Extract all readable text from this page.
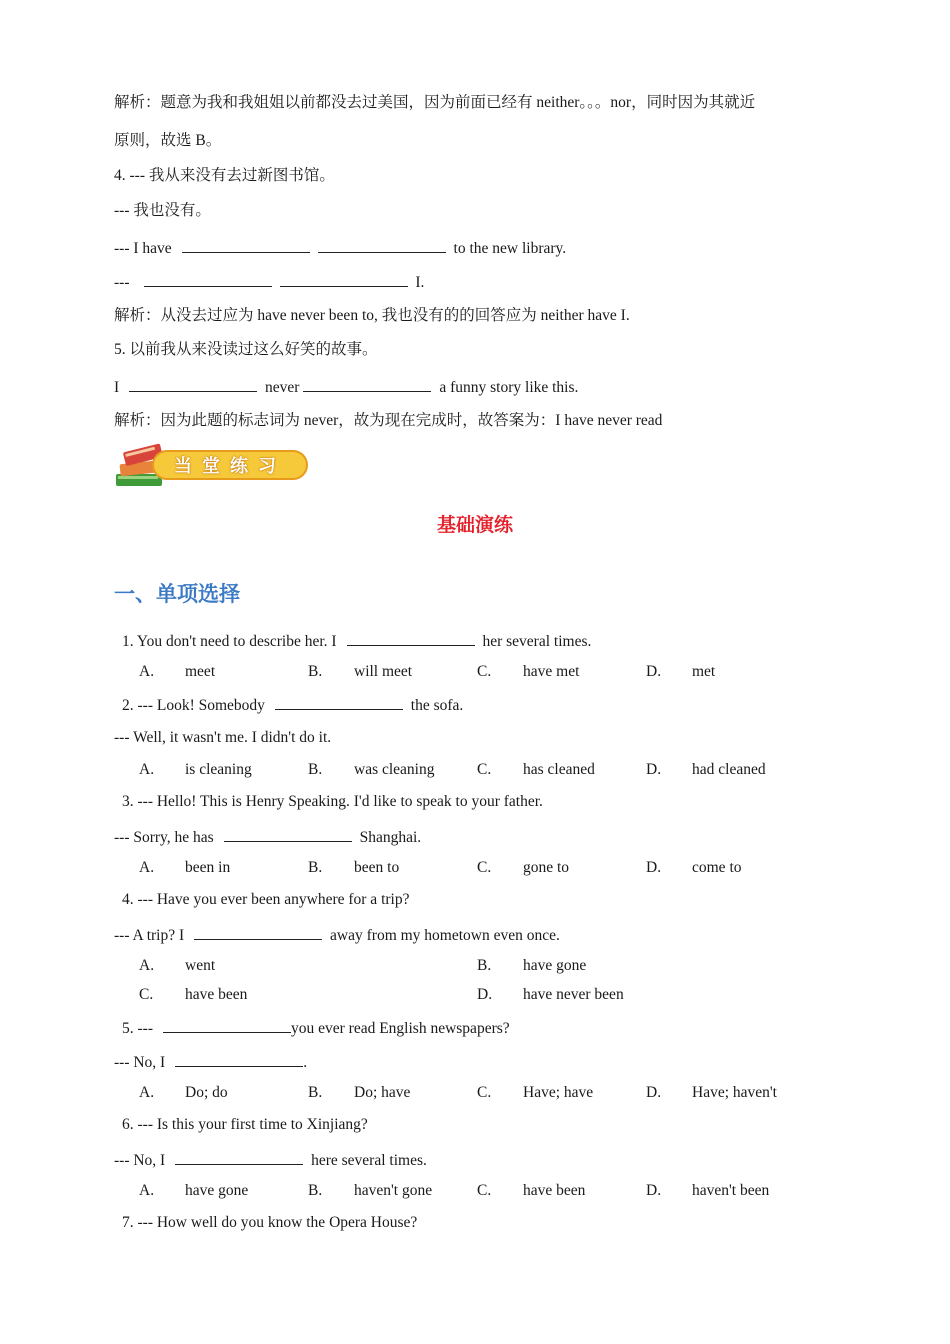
解析：题意为我和我姐姐以前都没去过美国，因为前面已经有 neither。。。nor，同时因为其就近
原则，故选 B。
4. --- 我从来没有去过新图书馆。
--- 我也没有。
--- I have	to the new library.
---	I.
解析：从没去过应为 have never been to, 我也没有的的回答应为 neither have I.
5. 以前我从来没读过这么好笑的故事。
I	never	a funny story like this.
解析：因为此题的标志词为 never，故为现在完成时，故答案为：I have never read
当堂练习
基础演练
一、单项选择
1. You don't need to describe her. I	her several times.
A. meet	B. will meet	C. have met	D. met
2. --- Look! Somebody	the sofa.
--- Well, it wasn't me. I didn't do it.
A. is cleaning	B. was cleaning	C. has cleaned	D. had cleaned
3. --- Hello! This is Henry Speaking. I'd like to speak to your father.
--- Sorry, he has	Shanghai.
A. been in	B. been to	C. gone to	D. come to
4. --- Have you ever been anywhere for a trip?
--- A trip? I	away from my hometown even once.
A. went	B. have gone
C. have been	D. have never been
5. ---	you ever read English newspapers?
--- No, I	.
A. Do; do	B. Do; have	C. Have; have	D. Have; haven't
6. --- Is this your first time to Xinjiang?
--- No, I	here several times.
A. have gone	B. haven't gone	C. have been	D. haven't been
7. --- How well do you know the Opera House?
